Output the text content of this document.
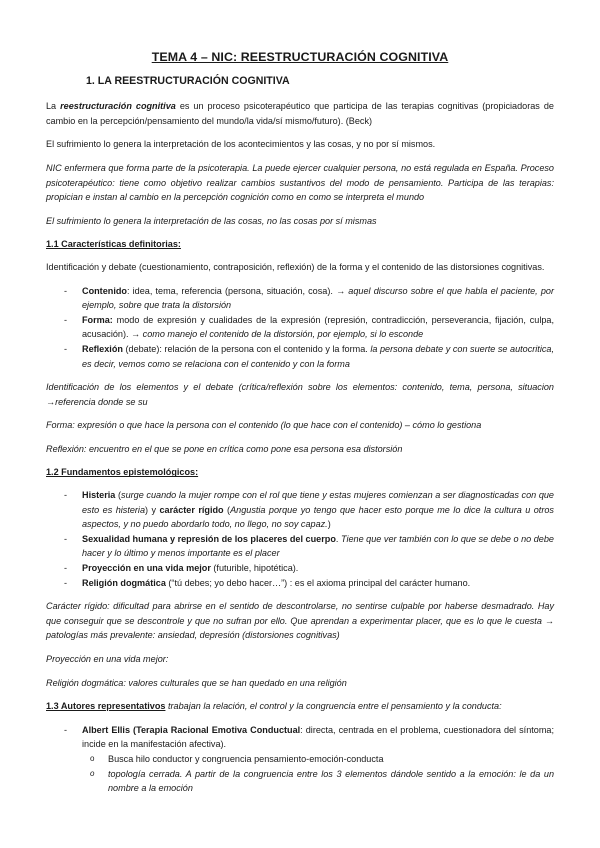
TEMA 4 – NIC: REESTRUCTURACIÓN COGNITIVA
1. LA REESTRUCTURACIÓN COGNITIVA

La reestructuración cognitiva es un proceso psicoterapéutico que participa de las terapias cognitivas (propiciadoras de cambio en la percepción/pensamiento del mundo/la vida/sí mismo/futuro). (Beck)

El sufrimiento lo genera la interpretación de los acontecimientos y las cosas, y no por sí mismos.

NIC enfermera que forma parte de la psicoterapia. La puede ejercer cualquier persona, no está regulada en España. Proceso psicoterapéutico: tiene como objetivo realizar cambios sustantivos del modo de pensamiento. Participa de las terapias: propician e instan al cambio en la percepción cognición como en como se interpreta el mundo

El sufrimiento lo genera la interpretación de las cosas, no las cosas por sí mismas

1.1 Características definitorias:

Identificación y debate (cuestionamiento, contraposición, reflexión) de la forma y el contenido de las distorsiones cognitivas.

- Contenido: idea, tema, referencia (persona, situación, cosa). → aquel discurso sobre el que habla el paciente, por ejemplo, sobre que trata la distorsión
- Forma: modo de expresión y cualidades de la expresión (represión, contradicción, perseverancia, fijación, culpa, acusación). → como manejo el contenido de la distorsión, por ejemplo, si lo esconde
- Reflexión (debate): relación de la persona con el contenido y la forma. la persona debate y con suerte se autocritica, es decir, vemos como se relaciona con el contenido y con la forma

Identificación de los elementos y el debate (crítica/reflexión sobre los elementos: contenido, tema, persona, situacion →referencia donde se su

Forma: expresión o que hace la persona con el contenido (lo que hace con el contenido) – cómo lo gestiona

Reflexión: encuentro en el que se pone en crítica como pone esa persona esa distorsión

1.2 Fundamentos epistemológicos:
- Histeria (surge cuando la mujer rompe con el rol que tiene y estas mujeres comienzan a ser diagnosticadas con que esto es histeria) y carácter rígido (Angustia porque yo tengo que hacer esto porque me lo dice la cultura u otros aspectos, y no puedo abordarlo todo, no llego, no soy capaz.)
- Sexualidad humana y represión de los placeres del cuerpo. Tiene que ver también con lo que se debe o no debe hacer y lo último y menos importante es el placer
- Proyección en una vida mejor (futurible, hipotética).
- Religión dogmática (“tú debes; yo debo hacer…”) : es el axioma principal del carácter humano.

Carácter rígido: dificultad para abrirse en el sentido de descontrolarse, no sentirse culpable por haberse desmadrado. Hay que conseguir que se descontrole y que no sufran por ello. Que aprendan a experimentar placer, que es lo que le cuesta → patologías más prevalente: ansiedad, depresión (distorsiones cognitivas)

Proyección en una vida mejor:

Religión dogmática: valores culturales que se han quedado en una religión

1.3 Autores representativos trabajan la relación, el control y la congruencia entre el pensamiento y la conducta:

- Albert Ellis (Terapia Racional Emotiva Conductual: directa, centrada en el problema, cuestionadora del síntoma; incide en la manifestación afectiva).
o Busca hilo conductor y congruencia pensamiento-emoción-conducta
o topología cerrada. A partir de la congruencia entre los 3 elementos dándole sentido a la emoción: le da un nombre a la emoción
